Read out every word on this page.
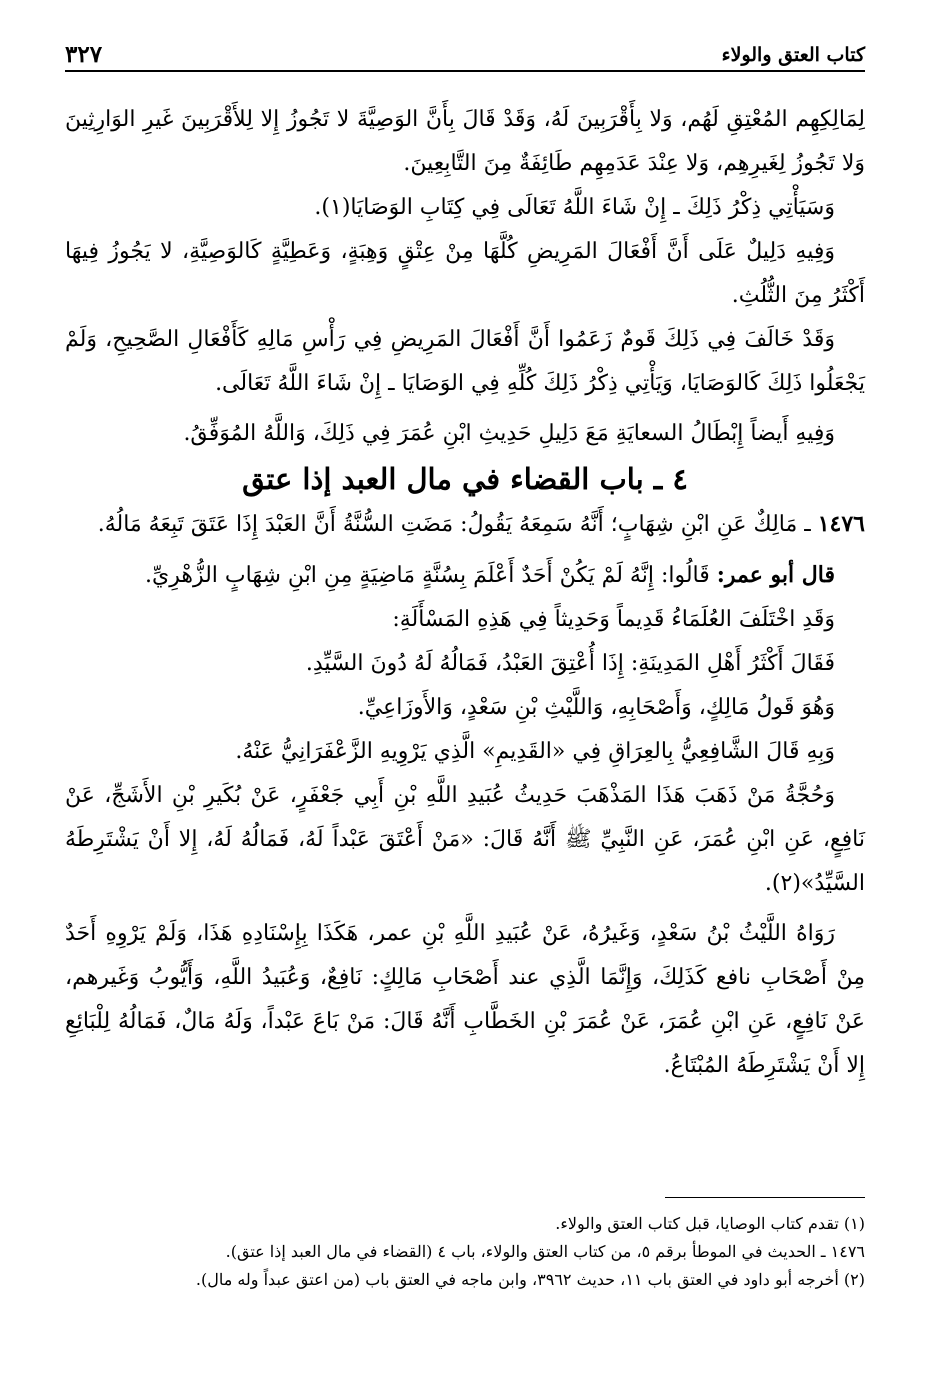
كتاب العتق والولاء
٣٢٧

لِمَالِكِهِم المُعْتِقِ لَهُم، وَلا بِأَقْرَبِينَ لَهُ، وَقَدْ قَالَ بِأَنَّ الوَصِيَّةَ لا تَجُوزُ إِلا لِلأَقْرَبِينَ غَيرِ الوَارِثِينَ وَلا تَجُوزُ لِغَيرِهِم، وَلا عِنْدَ عَدَمِهِم طَائِفَةٌ مِنَ التَّابِعِينَ.

وَسَيَأْتِي ذِكْرُ ذَلِكَ ـ إِنْ شَاءَ اللَّهُ تَعَالَى فِي كِتَابِ الوَصَايَا(١).

وَفِيهِ دَلِيلٌ عَلَى أَنَّ أَفْعَالَ المَرِيضِ كُلَّهَا مِنْ عِتْقٍ وَهِبَةٍ، وَعَطِيَّةٍ كَالوَصِيَّةِ، لا يَجُوزُ فِيهَا أَكْثَرُ مِنَ الثُّلُثِ.

وَقَدْ خَالَفَ فِي ذَلِكَ قَومٌ زَعَمُوا أَنَّ أَفْعَالَ المَرِيضِ فِي رَأْسِ مَالِهِ كَأَفْعَالِ الصَّحِيحِ، وَلَمْ يَجْعَلُوا ذَلِكَ كَالوَصَايَا، وَيَأْتِي ذِكْرُ ذَلِكَ كُلِّهِ فِي الوَصَايَا ـ إِنْ شَاءَ اللَّهُ تَعَالَى.

وَفِيهِ أَيضاً إِبْطَالُ السعايَةِ مَعَ دَلِيلِ حَدِيثِ ابْنِ عُمَرَ فِي ذَلِكَ، وَاللَّهُ المُوَفِّقُ.

٤ ـ باب القضاء في مال العبد إذا عتق

١٤٧٦ ـ مَالِكٌ عَنِ ابْنِ شِهَابٍ؛ أَنَّهُ سَمِعَهُ يَقُولُ: مَضَتِ السُّنَّةُ أَنَّ العَبْدَ إِذَا عَتَقَ تَبِعَهُ مَالُهُ.

قال أبو عمر: قَالُوا: إِنَّهُ لَمْ يَكُنْ أَحَدٌ أَعْلَمَ بِسُنَّةٍ مَاضِيَةٍ مِنِ ابْنِ شِهَابٍ الزُّهْرِيِّ.

وَقَدِ اخْتَلَفَ العُلَمَاءُ قَدِيماً وَحَدِيثاً فِي هَذِهِ المَسْأَلَةِ:

فَقَالَ أَكْثَرُ أَهْلِ المَدِينَةِ: إِذَا أُعْتِقَ العَبْدُ، فَمَالُهُ لَهُ دُونَ السَّيِّدِ.

وَهُوَ قَولُ مَالِكٍ، وَأَصْحَابِهِ، وَاللَّيْثِ بْنِ سَعْدٍ، وَالأَوزَاعِيِّ.

وَبِهِ قَالَ الشَّافِعِيُّ بِالعِرَاقِ فِي «القَدِيمِ» الَّذِي يَرْوِيهِ الزَّعْفَرَانِيُّ عَنْهُ.

وَحُجَّةُ مَنْ ذَهَبَ هَذَا المَذْهَبَ حَدِيثُ عُبَيدِ اللَّهِ بْنِ أَبِي جَعْفَرٍ، عَنْ بُكَيرِ بْنِ الأَشَجِّ، عَنْ نَافِعٍ، عَنِ ابْنِ عُمَرَ، عَنِ النَّبِيِّ ﷺ أَنَّهُ قَالَ: «مَنْ أَعْتَقَ عَبْداً لَهُ، فَمَالُهُ لَهُ، إِلا أَنْ يَشْتَرِطَهُ السَّيِّدُ»(٢).

رَوَاهُ اللَّيْثُ بْنُ سَعْدٍ، وَغَيرُهُ، عَنْ عُبَيدِ اللَّهِ بْنِ عمر، هَكَذَا بِإِسْنَادِهِ هَذَا، وَلَمْ يَرْوِهِ أَحَدٌ مِنْ أَصْحَابِ نافع كَذَلِكَ، وَإِنَّمَا الَّذِي عند أَصْحَابِ مَالِكٍ: نَافِعٌ، وَعُبَيدُ اللَّهِ، وَأَيُّوبُ وَغَيرهم، عَنْ نَافِعٍ، عَنِ ابْنِ عُمَرَ، عَنْ عُمَرَ بْنِ الخَطَّابِ أَنَّهُ قَالَ: مَنْ بَاعَ عَبْداً، وَلَهُ مَالٌ، فَمَالُهُ لِلْبَائِعِ إِلا أَنْ يَشْتَرِطَهُ المُبْتَاعُ.

(١) تقدم كتاب الوصايا، قبل كتاب العتق والولاء.

١٤٧٦ ـ الحديث في الموطأ برقم ٥، من كتاب العتق والولاء، باب ٤ (القضاء في مال العبد إذا عتق).

(٢) أخرجه أبو داود في العتق باب ١١، حديث ٣٩٦٢، وابن ماجه في العتق باب (من اعتق عبداً وله مال).
